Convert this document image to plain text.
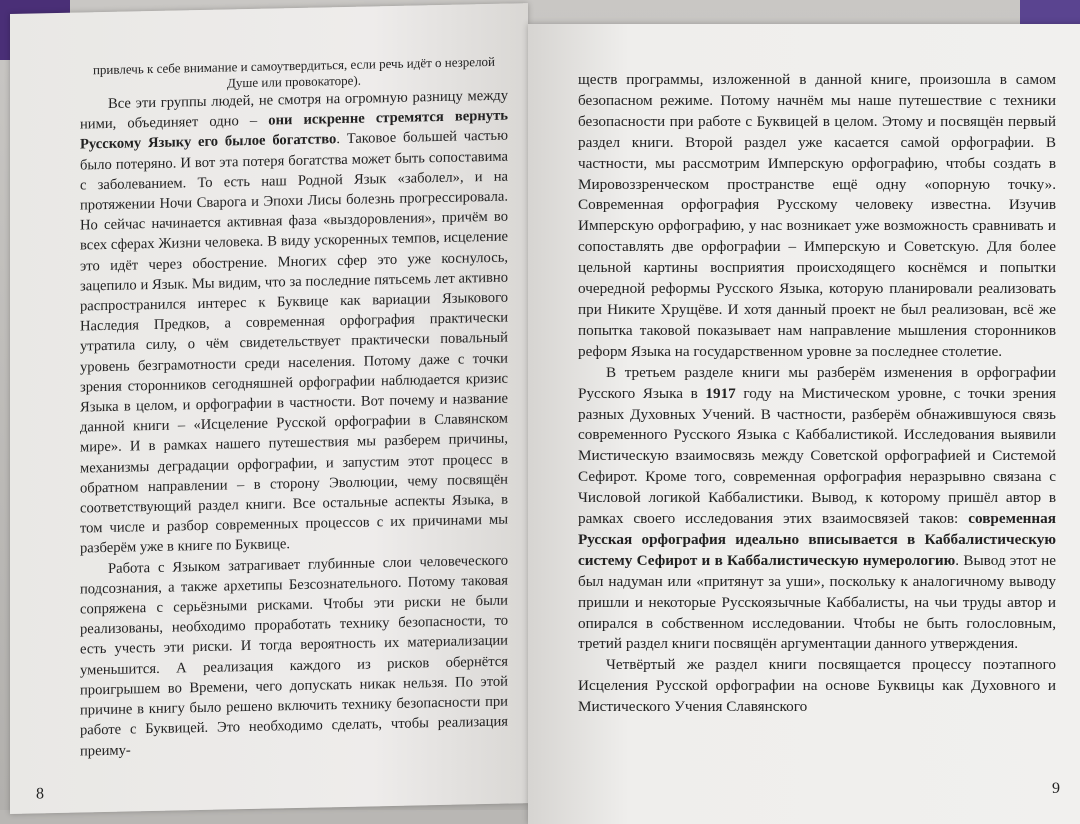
привлечь к себе внимание и самоутвердиться, если речь идёт о незрелой Душе или провокаторе).

Все эти группы людей, не смотря на огромную разницу между ними, объединяет одно – они искренне стремятся вернуть Русскому Языку его былое богатство. Таковое большей частью было потеряно. И вот эта потеря богатства может быть сопоставима с заболеванием. То есть наш Родной Язык «заболел», и на протяжении Ночи Сварога и Эпохи Лисы болезнь прогрессировала. Но сейчас начинается активная фаза «выздоровления», причём во всех сферах Жизни человека. В виду ускоренных темпов, исцеление это идёт через обострение. Многих сфер это уже коснулось, зацепило и Язык. Мы видим, что за последние пятьсемь лет активно распространился интерес к Буквице как вариации Языкового Наследия Предков, а современная орфография практически утратила силу, о чём свидетельствует практически повальный уровень безграмотности среди населения. Потому даже с точки зрения сторонников сегодняшней орфографии наблюдается кризис Языка в целом, и орфографии в частности. Вот почему и название данной книги – «Исцеление Русской орфографии в Славянском мире». И в рамках нашего путешествия мы разберем причины, механизмы деградации орфографии, и запустим этот процесс в обратном направлении – в сторону Эволюции, чему посвящён соответствующий раздел книги. Все остальные аспекты Языка, в том числе и разбор современных процессов с их причинами мы разберём уже в книге по Буквице.

Работа с Языком затрагивает глубинные слои человеческого подсознания, а также архетипы Безсознательного. Потому таковая сопряжена с серьёзными рисками. Чтобы эти риски не были реализованы, необходимо проработать технику безопасности, то есть учесть эти риски. И тогда вероятность их материализации уменьшится. А реализация каждого из рисков обернётся проигрышем во Времени, чего допускать никак нельзя. По этой причине в книгу было решено включить технику безопасности при работе с Буквицей. Это необходимо сделать, чтобы реализация преиму-

8

ществ программы, изложенной в данной книге, произошла в самом безопасном режиме. Потому начнём мы наше путешествие с техники безопасности при работе с Буквицей в целом. Этому и посвящён первый раздел книги. Второй раздел уже касается самой орфографии. В частности, мы рассмотрим Имперскую орфографию, чтобы создать в Мировоззренческом пространстве ещё одну «опорную точку». Современная орфография Русскому человеку известна. Изучив Имперскую орфографию, у нас возникает уже возможность сравнивать и сопоставлять две орфографии – Имперскую и Советскую. Для более цельной картины восприятия происходящего коснёмся и попытки очередной реформы Русского Языка, которую планировали реализовать при Никите Хрущёве. И хотя данный проект не был реализован, всё же попытка таковой показывает нам направление мышления сторонников реформ Языка на государственном уровне за последнее столетие.

В третьем разделе книги мы разберём изменения в орфографии Русского Языка в 1917 году на Мистическом уровне, с точки зрения разных Духовных Учений. В частности, разберём обнажившуюся связь современного Русского Языка с Каббалистикой. Исследования выявили Мистическую взаимосвязь между Советской орфографией и Системой Сефирот. Кроме того, современная орфография неразрывно связана с Числовой логикой Каббалистики. Вывод, к которому пришёл автор в рамках своего исследования этих взаимосвязей таков: современная Русская орфография идеально вписывается в Каббалистическую систему Сефирот и в Каббалистическую нумерологию. Вывод этот не был надуман или «притянут за уши», поскольку к аналогичному выводу пришли и некоторые Русскоязычные Каббалисты, на чьи труды автор и опирался в собственном исследовании. Чтобы не быть голословным, третий раздел книги посвящён аргументации данного утверждения.

Четвёртый же раздел книги посвящается процессу поэтапного Исцеления Русской орфографии на основе Буквицы как Духовного и Мистического Учения Славянского

9
